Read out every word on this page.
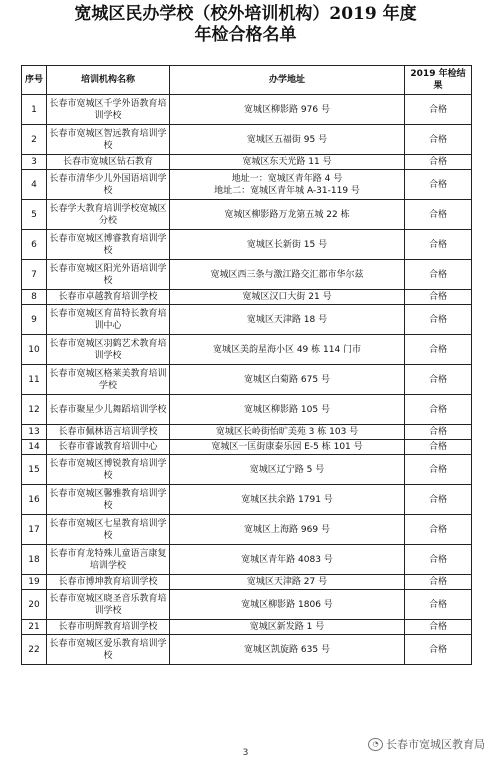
宽城区民办学校（校外培训机构）2019 年度
年检合格名单
序号	培训机构名称	办学地址	2019 年检结果
1	长春市宽城区千学外语教育培训学校	宽城区柳影路 976 号	合格
2	长春市宽城区智远教育培训学校	宽城区五福街 95 号	合格
3	长春市宽城区钻石教育	宽城区东天光路 11 号	合格
4	长春市清华少儿外国语培训学校	地址一：宽城区青年路 4 号
地址二：宽城区青年城 A-31-119 号	合格
5	长春学大教育培训学校宽城区分校	宽城区柳影路万龙第五城 22 栋	合格
6	长春市宽城区博睿教育培训学校	宽城区长新街 15 号	合格
7	长春市宽城区阳光外语培训学校	宽城区西三条与激江路交汇都市华尔兹	合格
8	长春市卓越教育培训学校	宽城区汉口大街 21 号	合格
9	长春市宽城区育苗特长教育培训中心	宽城区天津路 18 号	合格
10	长春市宽城区羽鹤艺术教育培训学校	宽城区美韵星海小区 49 栋 114 门市	合格
11	长春市宽城区格莱美教育培训学校	宽城区白菊路 675 号	合格
12	长春市聚星少儿舞蹈培训学校	宽城区柳影路 105 号	合格
13	长春市佩林语言培训学校	宽城区长岭街怡旷美苑 3 栋 103 号	合格
14	长春市睿诚教育培训中心	宽城区一匡街康泰乐园 E-5 栋 101 号	合格
15	长春市宽城区博锐教育培训学校	宽城区辽宁路 5 号	合格
16	长春市宽城区馨雅教育培训学校	宽城区扶余路 1791 号	合格
17	长春市宽城区七星教育培训学校	宽城区上海路 969 号	合格
18	长春市育龙特殊儿童语言康复培训学校	宽城区青年路 4083 号	合格
19	长春市博坤教育培训学校	宽城区天津路 27 号	合格
20	长春市宽城区晓圣音乐教育培训学校	宽城区柳影路 1806 号	合格
21	长春市明辉教育培训学校	宽城区新发路 1 号	合格
22	长春市宽城区爱乐教育培训学校	宽城区凯旋路 635 号	合格
3
◔ 长春市宽城区教育局
